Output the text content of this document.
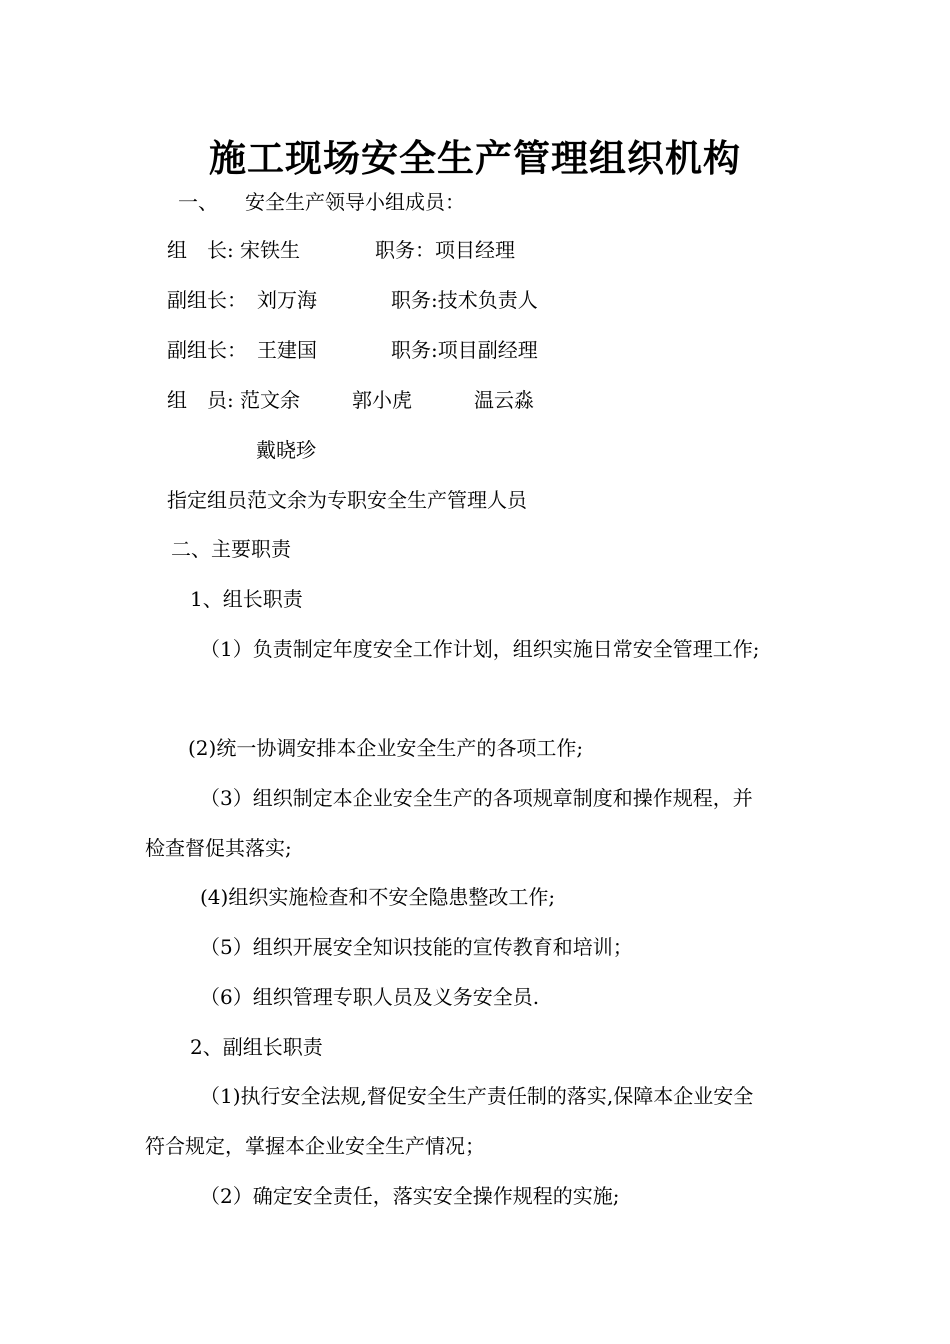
施工现场安全生产管理组织机构
一、 安全生产领导小组成员：
组　长: 宋铁生	职务：项目经理
副组长： 刘万海	职务:技术负责人
副组长： 王建国	职务:项目副经理
组　员: 范文余	郭小虎	温云淼
戴晓珍
指定组员范文余为专职安全生产管理人员
二、主要职责
1、组长职责
（1）负责制定年度安全工作计划，组织实施日常安全管理工作;
(2)统一协调安排本企业安全生产的各项工作;
（3）组织制定本企业安全生产的各项规章制度和操作规程，并
检查督促其落实;
(4)组织实施检查和不安全隐患整改工作;
（5）组织开展安全知识技能的宣传教育和培训；
（6）组织管理专职人员及义务安全员.
2、副组长职责
（1)执行安全法规,督促安全生产责任制的落实,保障本企业安全
符合规定，掌握本企业安全生产情况；
（2）确定安全责任，落实安全操作规程的实施;
